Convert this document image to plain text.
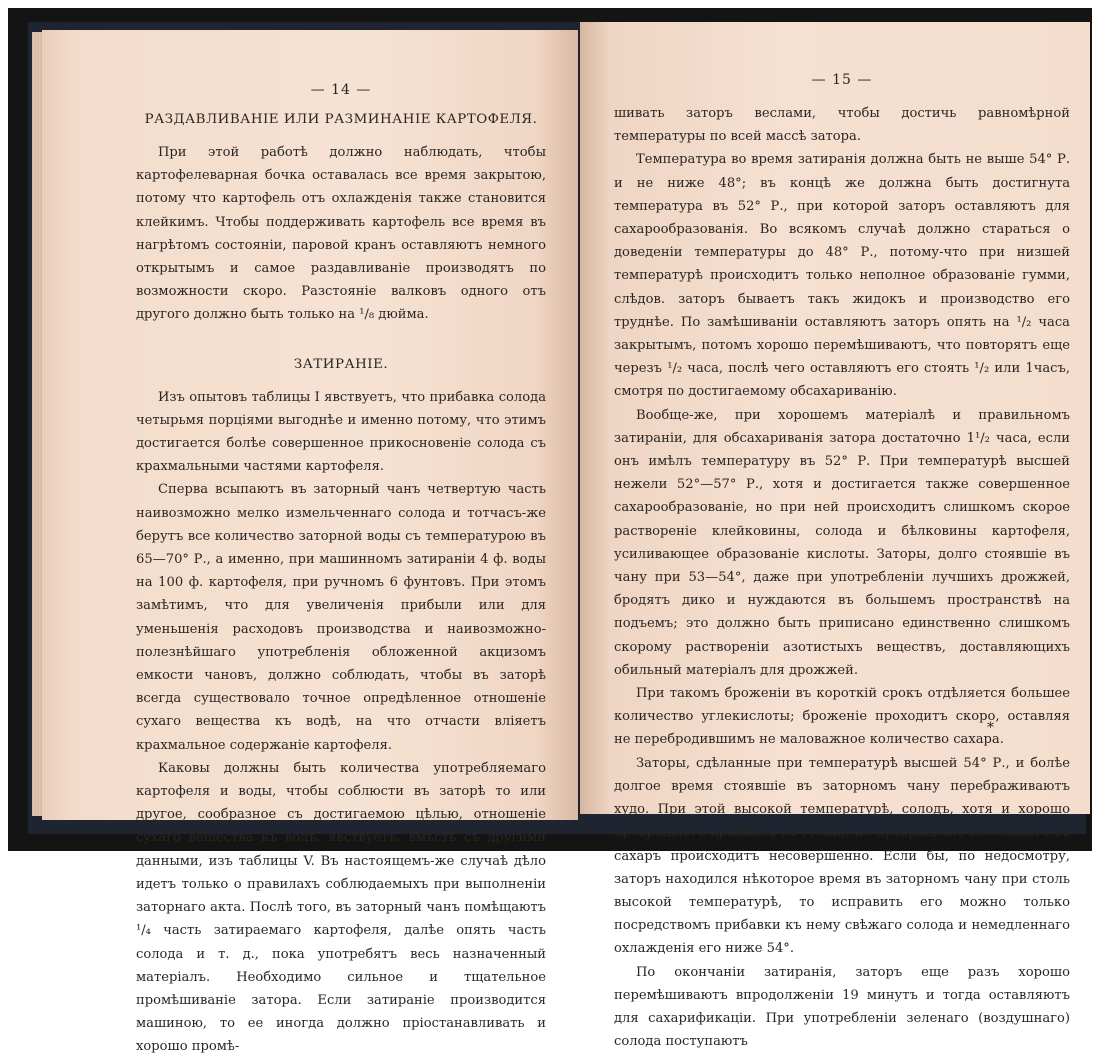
— 14 —
РАЗДАВЛИВАНІЕ ИЛИ РАЗМИНАНІЕ КАРТОФЕЛЯ.

При этой работѣ должно наблюдать, чтобы картофелеварная бочка оставалась все время закрытою, потому что картофель отъ охлажденія также становится клейкимъ. Чтобы поддерживать картофель все время въ нагрѣтомъ состояніи, паровой кранъ оставляютъ немного открытымъ и самое раздавливаніе производятъ по возможности скоро. Разстояніе валковъ одного отъ другого должно быть только на ¹/₈ дюйма.

ЗАТИРАНІЕ.

Изъ опытовъ таблицы I явствуетъ, что прибавка солода четырьмя порціями выгоднѣе и именно потому, что этимъ достигается болѣе совершенное прикосновеніе солода съ крахмальными частями картофеля.

Сперва всыпаютъ въ заторный чанъ четвертую часть наивозможно мелко измельченнаго солода и тотчасъ-же берутъ все количество заторной воды съ температурою въ 65—70° Р., а именно, при машинномъ затираніи 4 ф. воды на 100 ф. картофеля, при ручномъ 6 фунтовъ. При этомъ замѣтимъ, что для увеличенія прибыли или для уменьшенія расходовъ производства и наивозможно-полезнѣйшаго употребленія обложенной акцизомъ емкости чановъ, должно соблюдать, чтобы въ заторѣ всегда существовало точное опредѣленное отношеніе сухаго вещества къ водѣ, на что отчасти вліяетъ крахмальное содержаніе картофеля.

Каковы должны быть количества употребляемаго картофеля и воды, чтобы соблюсти въ заторѣ то или другое, сообразное съ достигаемою цѣлью, отношеніе сухаго вещества къ водѣ, явствуетъ, вмѣстѣ съ другими данными, изъ таблицы V. Въ настоящемъ-же случаѣ дѣло идетъ только о правилахъ соблюдаемыхъ при выполненіи заторнаго акта. Послѣ того, въ заторный чанъ помѣщаютъ ¹/₄ часть затираемаго картофеля, далѣе опять часть солода и т. д., пока употребятъ весь назначенный матеріалъ. Необходимо сильное и тщательное промѣшиваніе затора. Если затираніе производится машиною, то ее иногда должно пріостанавливать и хорошо промѣ-

— 15 —

шивать заторъ веслами, чтобы достичь равномѣрной температуры по всей массѣ затора.

Температура во время затиранія должна быть не выше 54° Р. и не ниже 48°; въ концѣ же должна быть достигнута температура въ 52° Р., при которой заторъ оставляютъ для сахарообразованія. Во всякомъ случаѣ должно стараться о доведеніи температуры до 48° Р., потому-что при низшей температурѣ происходитъ только неполное образованіе гумми, слѣдов. заторъ бываетъ такъ жидокъ и производство его труднѣе. По замѣшиваніи оставляютъ заторъ опять на ¹/₂ часа закрытымъ, потомъ хорошо перемѣшиваютъ, что повторятъ еще черезъ ¹/₂ часа, послѣ чего оставляютъ его стоять ¹/₂ или 1часъ, смотря по достигаемому обсахариванію.

Вообще-же, при хорошемъ матеріалѣ и правильномъ затираніи, для обсахариванія затора достаточно 1¹/₂ часа, если онъ имѣлъ температуру въ 52° Р. При температурѣ высшей нежели 52°—57° Р., хотя и достигается также совершенное сахарообразованіе, но при ней происходитъ слишкомъ скорое раствореніе клейковины, солода и бѣлковины картофеля, усиливающее образованіе кислоты. Заторы, долго стоявшіе въ чану при 53—54°, даже при употребленіи лучшихъ дрожжей, бродятъ дико и нуждаются въ большемъ пространствѣ на подъемъ; это должно быть приписано единственно слишкомъ скорому раствореніи азотистыхъ веществъ, доставляющихъ обильный матеріалъ для дрожжей.

При такомъ броженіи въ короткій срокъ отдѣляется большее количество углекислоты; броженіе проходитъ скоро, оставляя не перебродившимъ не маловажное количество сахара.

Заторы, сдѣланные при температурѣ высшей 54° Р., и болѣе долгое время стоявшіе въ заторномъ чану перебраживаютъ худо. При этой высокой температурѣ, солодъ, хотя и хорошо превращаетъ крахмалъ въ гумми, но превращеніе послѣдняго въ сахаръ происходитъ несовершенно. Если бы, по недосмотру, заторъ находился нѣкоторое время въ заторномъ чану при столь высокой температурѣ, то исправить его можно только посредствомъ прибавки къ нему свѣжаго солода и немедленнаго охлажденія его ниже 54°.

По окончаніи затиранія, заторъ еще разъ хорошо перемѣшиваютъ впродолженіи 19 минутъ и тогда оставляютъ для сахарификаціи. При употребленіи зеленаго (воздушнаго) солода поступаютъ

*
